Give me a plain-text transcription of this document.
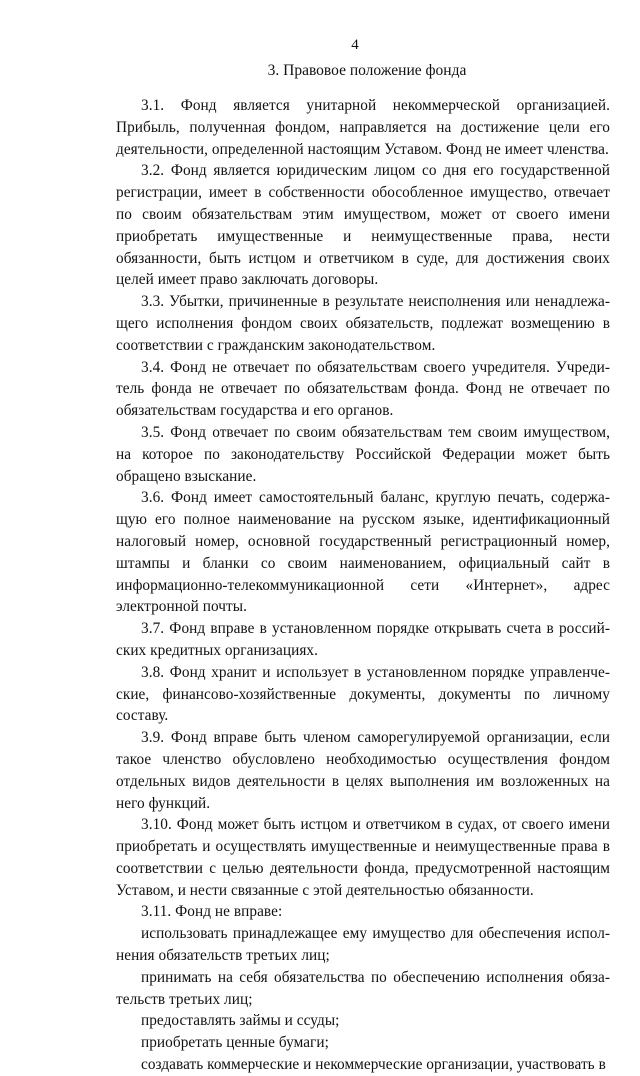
4
3. Правовое положение фонда

3.1. Фонд является унитарной некоммерческой организацией. Прибыль, полученная фондом, направляется на достижение цели его деятельности, определенной настоящим Уставом. Фонд не имеет членства.

3.2. Фонд является юридическим лицом со дня его государственной регистрации, имеет в собственности обособленное имущество, отвечает по своим обязательствам этим имуществом, может от своего имени приобретать имущественные и неимущественные права, нести обязанности, быть истцом и ответчиком в суде, для достижения своих целей имеет право заключать договоры.

3.3. Убытки, причиненные в результате неисполнения или ненадлежащего исполнения фондом своих обязательств, подлежат возмещению в соответствии с гражданским законодательством.

3.4. Фонд не отвечает по обязательствам своего учредителя. Учредитель фонда не отвечает по обязательствам фонда. Фонд не отвечает по обязательствам государства и его органов.

3.5. Фонд отвечает по своим обязательствам тем своим имуществом, на которое по законодательству Российской Федерации может быть обращено взыскание.

3.6. Фонд имеет самостоятельный баланс, круглую печать, содержащую его полное наименование на русском языке, идентификационный налоговый номер, основной государственный регистрационный номер, штампы и бланки со своим наименованием, официальный сайт в информационно-телекоммуникационной сети «Интернет», адрес электронной почты.

3.7. Фонд вправе в установленном порядке открывать счета в российских кредитных организациях.

3.8. Фонд хранит и использует в установленном порядке управленческие, финансово-хозяйственные документы, документы по личному составу.

3.9. Фонд вправе быть членом саморегулируемой организации, если такое членство обусловлено необходимостью осуществления фондом отдельных видов деятельности в целях выполнения им возложенных на него функций.

3.10. Фонд может быть истцом и ответчиком в судах, от своего имени приобретать и осуществлять имущественные и неимущественные права в соответствии с целью деятельности фонда, предусмотренной настоящим Уставом, и нести связанные с этой деятельностью обязанности.

3.11. Фонд не вправе:

использовать принадлежащее ему имущество для обеспечения исполнения обязательств третьих лиц;

принимать на себя обязательства по обеспечению исполнения обязательств третьих лиц;

предоставлять займы и ссуды;

приобретать ценные бумаги;

создавать коммерческие и некоммерческие организации, участвовать в
